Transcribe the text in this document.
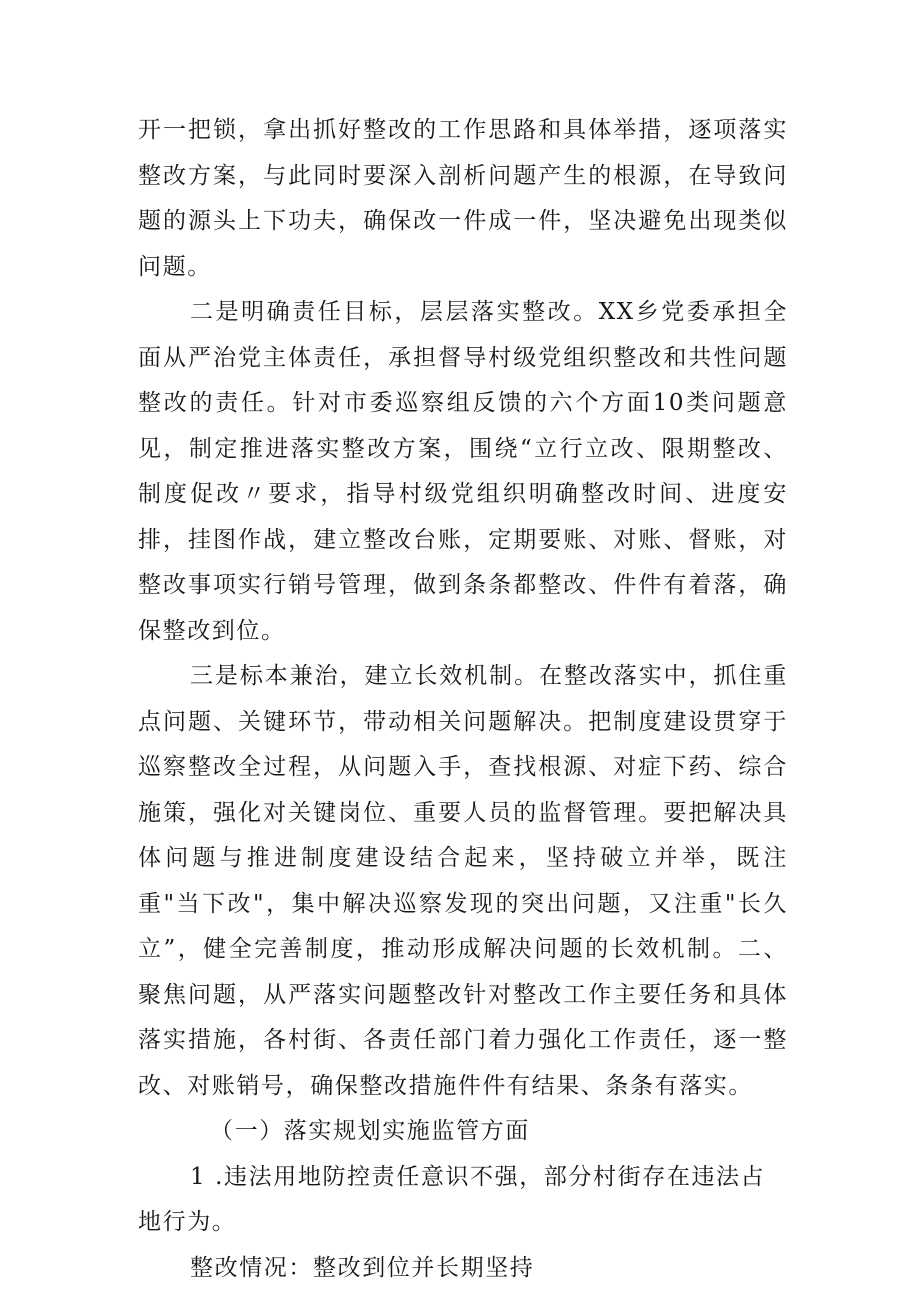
开一把锁，拿出抓好整改的工作思路和具体举措，逐项落实整改方案，与此同时要深入剖析问题产生的根源，在导致问题的源头上下功夫，确保改一件成一件，坚决避免出现类似问题。

二是明确责任目标，层层落实整改。XX乡党委承担全面从严治党主体责任，承担督导村级党组织整改和共性问题整改的责任。针对市委巡察组反馈的六个方面10类问题意见，制定推进落实整改方案，围绕“立行立改、限期整改、制度促改〃要求，指导村级党组织明确整改时间、进度安排，挂图作战，建立整改台账，定期要账、对账、督账，对整改事项实行销号管理，做到条条都整改、件件有着落，确保整改到位。

三是标本兼治，建立长效机制。在整改落实中，抓住重点问题、关键环节，带动相关问题解决。把制度建设贯穿于巡察整改全过程，从问题入手，查找根源、对症下药、综合施策，强化对关键岗位、重要人员的监督管理。要把解决具体问题与推进制度建设结合起来，坚持破立并举，既注重"当下改"，集中解决巡察发现的突出问题，又注重"长久立”，健全完善制度，推动形成解决问题的长效机制。二、聚焦问题，从严落实问题整改针对整改工作主要任务和具体落实措施，各村街、各责任部门着力强化工作责任，逐一整改、对账销号，确保整改措施件件有结果、条条有落实。

（一）落实规划实施监管方面

1 .违法用地防控责任意识不强，部分村街存在违法占地行为。

整改情况：整改到位并长期坚持
